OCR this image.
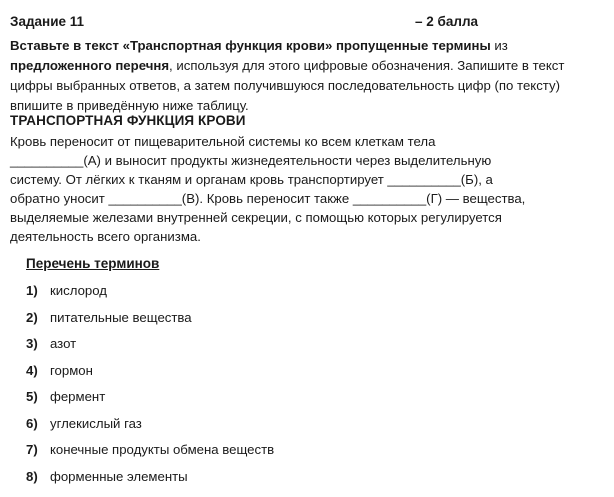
Задание 11	– 2 балла
Вставьте в текст «Транспортная функция крови» пропущенные термины из предложенного перечня, используя для этого цифровые обозначения. Запишите в текст цифры выбранных ответов, а затем получившуюся последовательность цифр (по тексту) впишите в приведённую ниже таблицу.
ТРАНСПОРТНАЯ ФУНКЦИЯ КРОВИ
Кровь переносит от пищеварительной системы ко всем клеткам тела
__________(А) и выносит продукты жизнедеятельности через выделительную
систему. От лёгких к тканям и органам кровь транспортирует __________(Б), а
обратно уносит __________(В). Кровь переносит также __________(Г) — вещества,
выделяемые железами внутренней секреции, с помощью которых регулируется
деятельность всего организма.
Перечень терминов
1) кислород
2) питательные вещества
3) азот
4) гормон
5) фермент
6) углекислый газ
7) конечные продукты обмена веществ
8) форменные элементы
